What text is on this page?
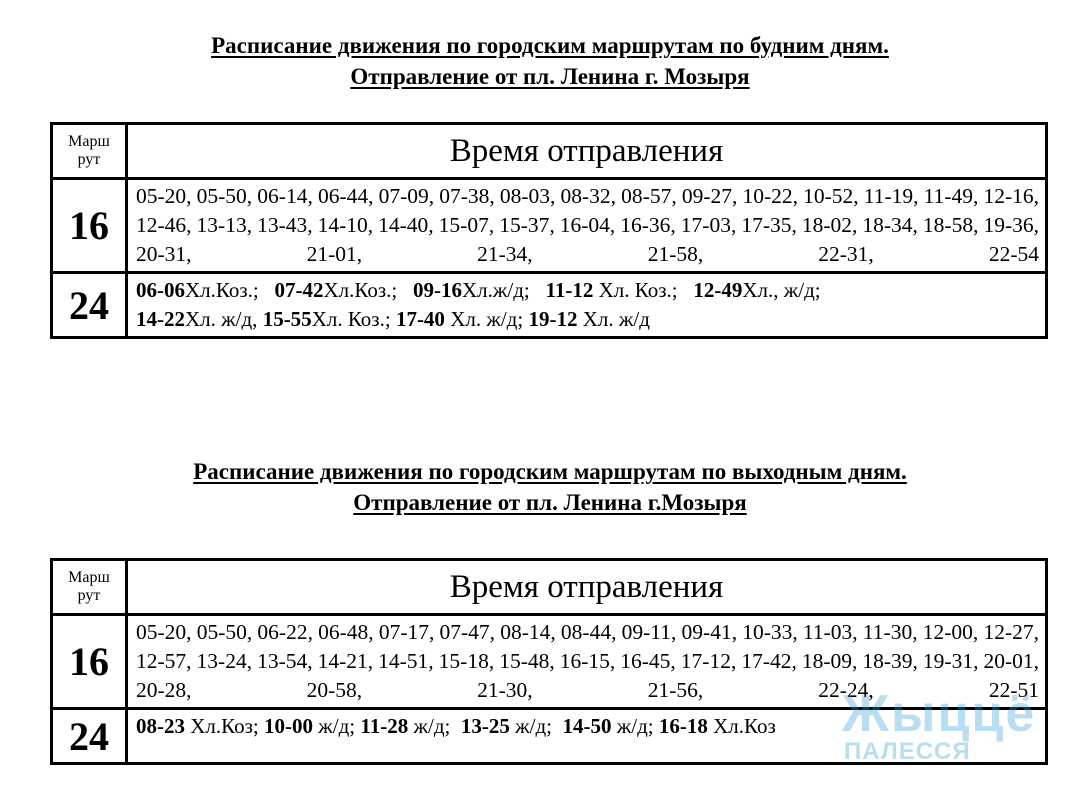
Расписание движения по городским маршрутам по будним дням.
Отправление от пл. Ленина г. Мозыря
Марш
рут	Время отправления
16	05-20, 05-50, 06-14, 06-44, 07-09, 07-38, 08-03, 08-32, 08-57, 09-27, 10-22, 10-52, 11-19, 11-49, 12-16, 12-46, 13-13, 13-43, 14-10, 14-40, 15-07, 15-37, 16-04, 16-36, 17-03, 17-35, 18-02, 18-34, 18-58, 19-36, 20-31, 21-01, 21-34, 21-58, 22-31, 22-54
24	06-06Хл.Коз.;   07-42Хл.Коз.;   09-16Хл.ж/д;   11-12 Хл. Коз.;   12-49Хл., ж/д;
14-22Хл. ж/д, 15-55Хл. Коз.; 17-40 Хл. ж/д; 19-12 Хл. ж/д
Расписание движения по городским маршрутам по выходным дням.
Отправление от пл. Ленина г.Мозыря
Марш
рут	Время отправления
16	05-20, 05-50, 06-22, 06-48, 07-17, 07-47, 08-14, 08-44, 09-11, 09-41, 10-33, 11-03, 11-30, 12-00, 12-27, 12-57, 13-24, 13-54, 14-21, 14-51, 15-18, 15-48, 16-15, 16-45, 17-12, 17-42, 18-09, 18-39, 19-31, 20-01, 20-28, 20-58, 21-30, 21-56, 22-24, 22-51
24	08-23 Хл.Коз; 10-00 ж/д; 11-28 ж/д;  13-25 ж/д;  14-50 ж/д; 16-18 Хл.Коз	Жыццё
ПАЛЕССЯ
